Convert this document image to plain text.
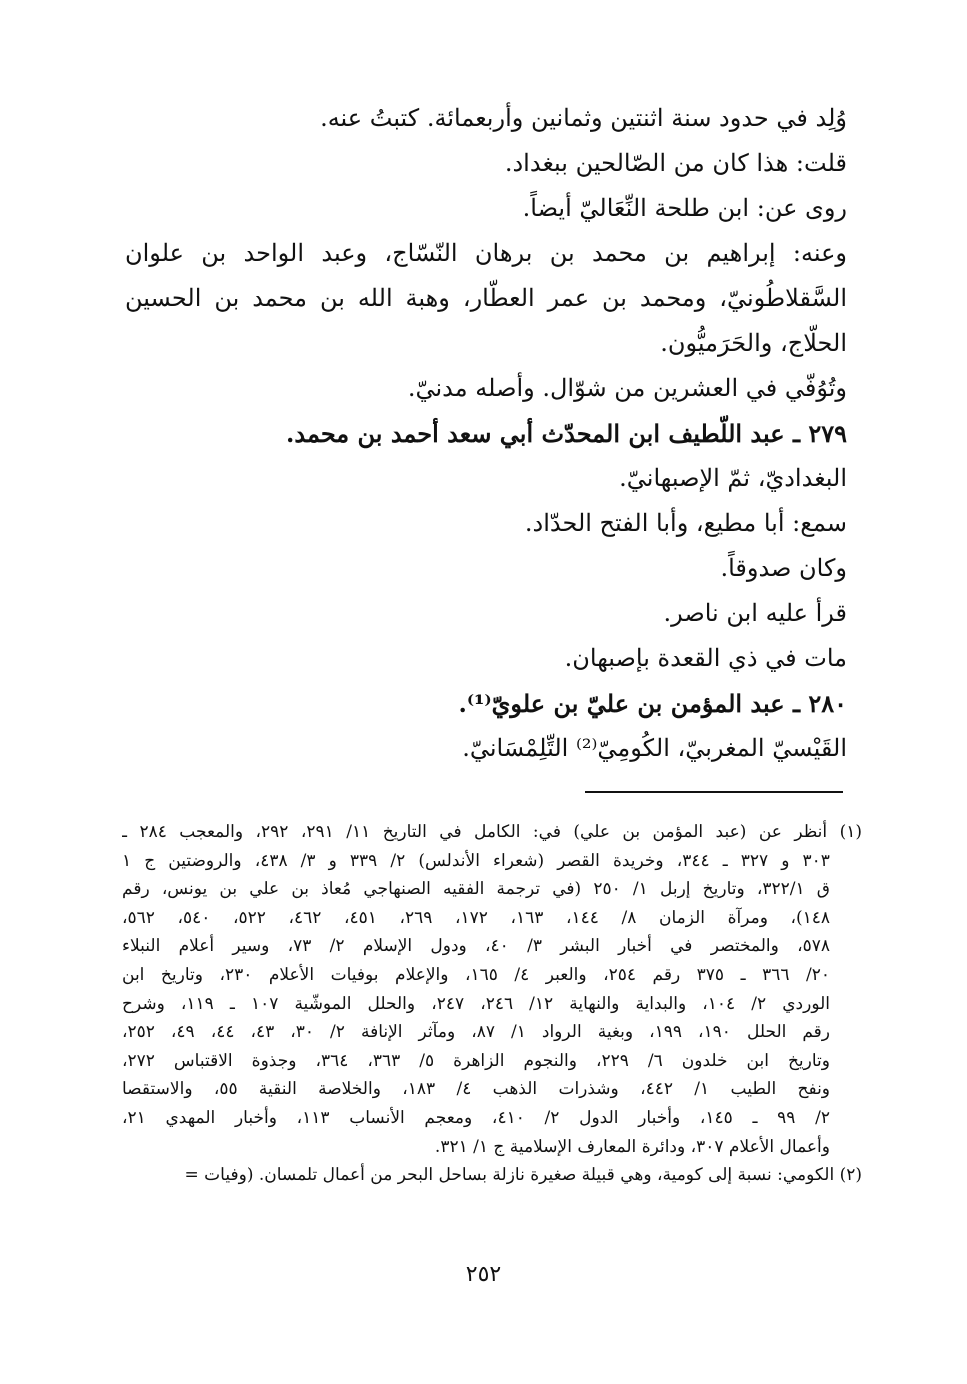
وُلِد في حدود سنة اثنتين وثمانين وأربعمائة. كتبتُ عنه.
قلت: هذا كان من الصّالحين ببغداد.
روى عن: ابن طلحة النِّعَاليّ أيضاً.
وعنه: إبراهيم بن محمد بن برهان النّسّاج، وعبد الواحد بن علوان
السَّقلاطُونيّ، ومحمد بن عمر العطّار، وهبة الله بن محمد بن الحسين
الحلّاج، والحَرَميُّون.
وتُوُفّي في العشرين من شوّال. وأصله مدنيّ.
٢٧٩ ـ عبد اللّطيف ابن المحدّث أبي سعد أحمد بن محمد.
البغداديّ، ثمّ الإصبهانيّ.
سمع: أبا مطيع، وأبا الفتح الحدّاد.
وكان صدوقاً.
قرأ عليه ابن ناصر.
مات في ذي القعدة بإصبهان.
٢٨٠ ـ عبد المؤمن بن عليّ بن علويّ⁽¹⁾.
القَيْسيّ المغربيّ، الكُومِيّ⁽²⁾ التِّلِمْسَانيّ.
(١) أنظر عن (عبد المؤمن بن علي) في: الكامل في التاريخ ١١/ ٢٩١، ٢٩٢، والمعجب ٢٨٤ ـ
٣٠٣ و ٣٢٧ ـ ٣٤٤، وخريدة القصر (شعراء الأندلس) ٢/ ٣٣٩ و ٣/ ٤٣٨، والروضتين ج ١
ق ٣٢٢/١، وتاريخ إربل ١/ ٢٥٠ (في ترجمة الفقيه الصنهاجي مُعاذ بن علي بن يونس، رقم
١٤٨)، ومرآة الزمان ٨/ ١٤٤، ١٦٣، ١٧٢، ٢٦٩، ٤٥١، ٤٦٢، ٥٢٢، ٥٤٠، ٥٦٢،
٥٧٨، والمختصر في أخبار البشر ٣/ ٤٠، ودول الإسلام ٢/ ٧٣، وسير أعلام النبلاء
٢٠/ ٣٦٦ ـ ٣٧٥ رقم ٢٥٤، والعبر ٤/ ١٦٥، والإعلام بوفيات الأعلام ٢٣٠، وتاريخ ابن
الوردي ٢/ ١٠٤، والبداية والنهاية ١٢/ ٢٤٦، ٢٤٧، والحلل الموشّية ١٠٧ ـ ١١٩، وشرح
رقم الحلل ١٩٠، ١٩٩، وبغية الرواد ١/ ٨٧، ومآثر الإنافة ٢/ ٣٠، ٤٣، ٤٤، ٤٩، ٢٥٢،
وتاريخ ابن خلدون ٦/ ٢٢٩، والنجوم الزاهرة ٥/ ٣٦٣، ٣٦٤، وجذوة الاقتباس ٢٧٢،
ونفح الطيب ١/ ٤٤٢، وشذرات الذهب ٤/ ١٨٣، والخلاصة النقية ٥٥، والاستقصا
٢/ ٩٩ ـ ١٤٥، وأخبار الدول ٢/ ٤١٠، ومعجم الأنساب ١١٣، وأخبار المهدي ٢١،
وأعمال الأعلام ٣٠٧، ودائرة المعارف الإسلامية ج ١/ ٣٢١.
(٢) الكومي: نسبة إلى كومية، وهي قبيلة صغيرة نازلة بساحل البحر من أعمال تلمسان. (وفيات =
٢٥٢
